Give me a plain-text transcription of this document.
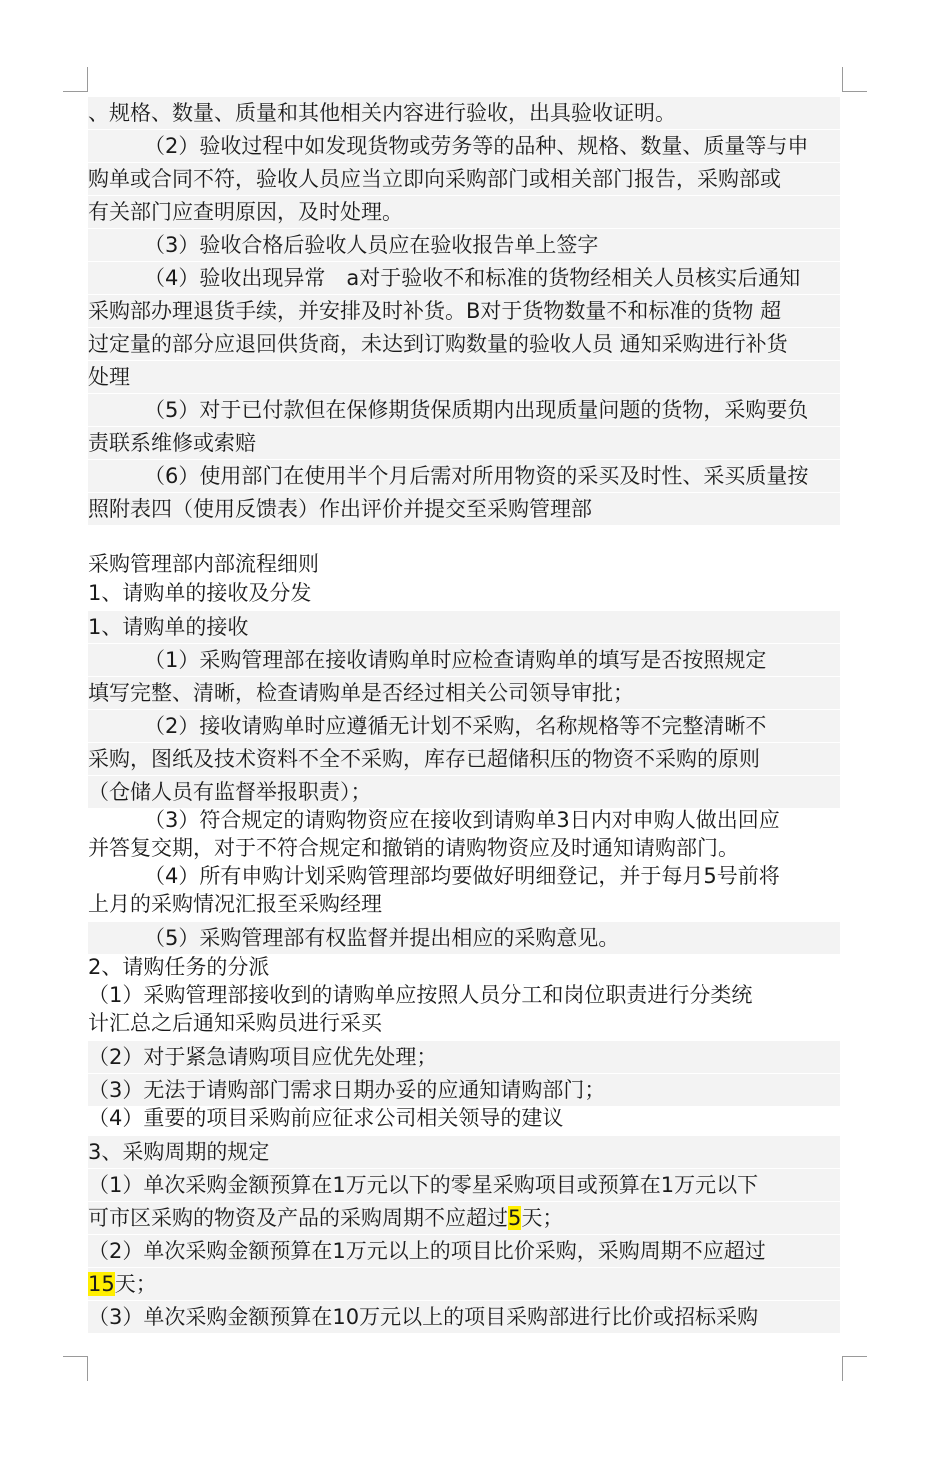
、规格、数量、质量和其他相关内容进行验收，出具验收证明。
（2）验收过程中如发现货物或劳务等的品种、规格、数量、质量等与申
购单或合同不符，验收人员应当立即向采购部门或相关部门报告，采购部或
有关部门应查明原因，及时处理。
（3）验收合格后验收人员应在验收报告单上签字
（4）验收出现异常　a对于验收不和标准的货物经相关人员核实后通知
采购部办理退货手续，并安排及时补货。B对于货物数量不和标准的货物 超
过定量的部分应退回供货商，未达到订购数量的验收人员 通知采购进行补货
处理
（5）对于已付款但在保修期货保质期内出现质量问题的货物，采购要负
责联系维修或索赔
（6）使用部门在使用半个月后需对所用物资的采买及时性、采买质量按
照附表四（使用反馈表）作出评价并提交至采购管理部
采购管理部内部流程细则
1、请购单的接收及分发
1、请购单的接收
（1）采购管理部在接收请购单时应检查请购单的填写是否按照规定
填写完整、清晰，检查请购单是否经过相关公司领导审批；
（2）接收请购单时应遵循无计划不采购，名称规格等不完整清晰不
采购，图纸及技术资料不全不采购，库存已超储积压的物资不采购的原则
（仓储人员有监督举报职责）；
（3）符合规定的请购物资应在接收到请购单3日内对申购人做出回应
并答复交期，对于不符合规定和撤销的请购物资应及时通知请购部门。
（4）所有申购计划采购管理部均要做好明细登记，并于每月5号前将
上月的采购情况汇报至采购经理
（5）采购管理部有权监督并提出相应的采购意见。
2、请购任务的分派
（1）采购管理部接收到的请购单应按照人员分工和岗位职责进行分类统
计汇总之后通知采购员进行采买
（2）对于紧急请购项目应优先处理；
（3）无法于请购部门需求日期办妥的应通知请购部门；
（4）重要的项目采购前应征求公司相关领导的建议
3、采购周期的规定
（1）单次采购金额预算在1万元以下的零星采购项目或预算在1万元以下
可市区采购的物资及产品的采购周期不应超过5天；
（2）单次采购金额预算在1万元以上的项目比价采购，采购周期不应超过
15天；
（3）单次采购金额预算在10万元以上的项目采购部进行比价或招标采购
